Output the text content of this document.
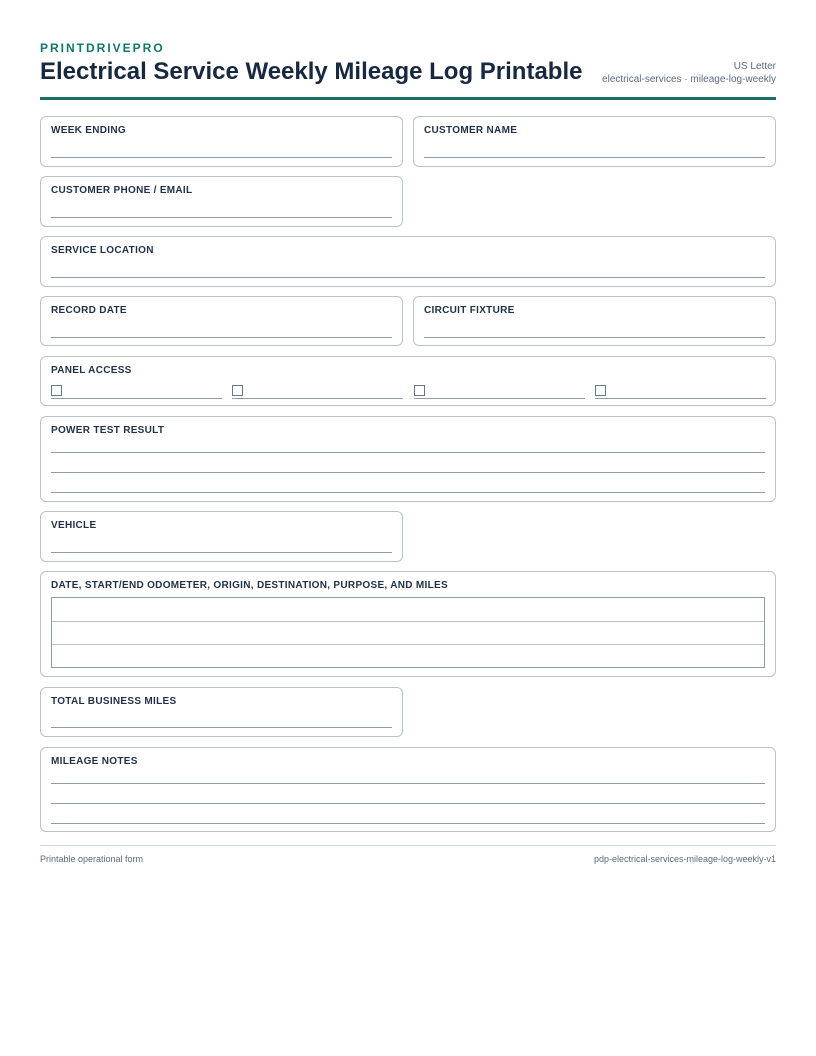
PRINTDRIVEPRO
Electrical Service Weekly Mileage Log Printable	US Letter
electrical-services · mileage-log-weekly
WEEK ENDING	CUSTOMER NAME
CUSTOMER PHONE / EMAIL
SERVICE LOCATION
RECORD DATE	CIRCUIT FIXTURE
PANEL ACCESS
POWER TEST RESULT
VEHICLE
DATE, START/END ODOMETER, ORIGIN, DESTINATION, PURPOSE, AND MILES
TOTAL BUSINESS MILES
MILEAGE NOTES
Printable operational form	pdp-electrical-services-mileage-log-weekly-v1
